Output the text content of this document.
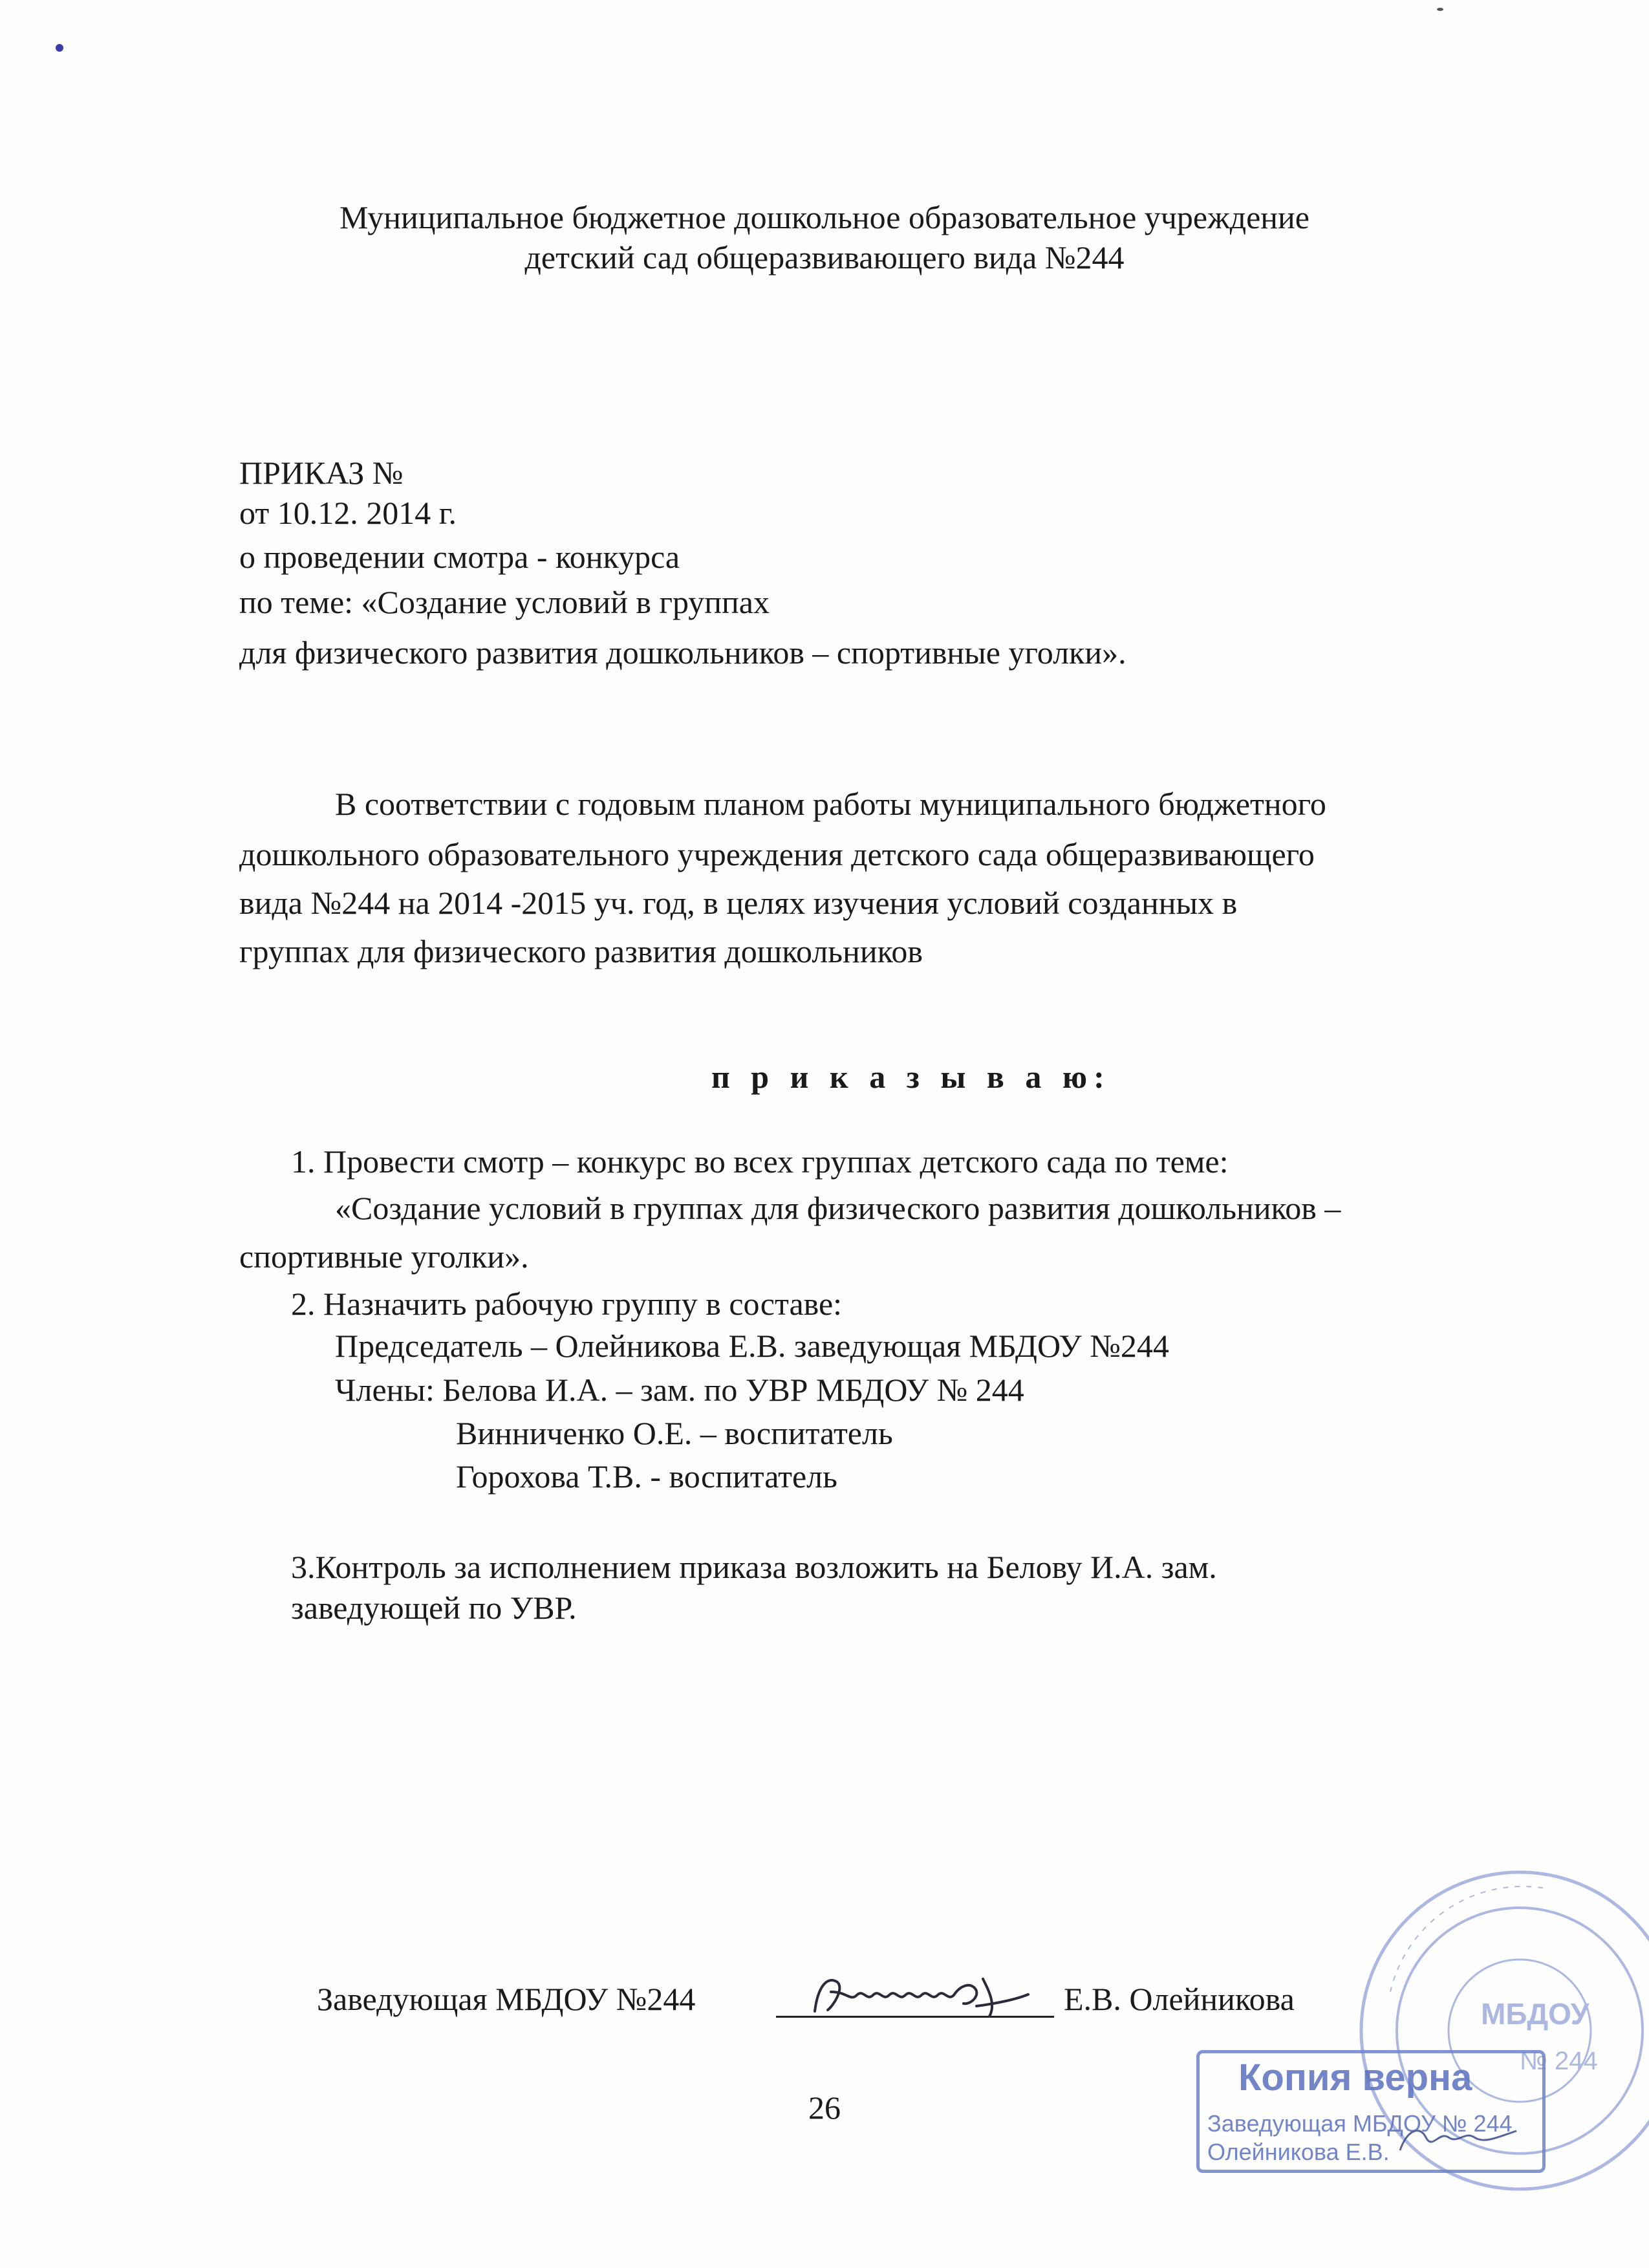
Муниципальное бюджетное дошкольное образовательное учреждение
детский сад общеразвивающего вида №244
ПРИКАЗ №
от 10.12. 2014 г.
о проведении смотра - конкурса
по теме: «Создание условий в группах
для физического развития дошкольников – спортивные уголки».
В соответствии с годовым планом работы муниципального бюджетного
дошкольного образовательного учреждения детского сада общеразвивающего
вида №244 на 2014 -2015 уч. год, в целях изучения условий созданных в
группах для физического развития дошкольников
п р и к а з ы в а ю:
1. Провести смотр – конкурс во всех группах детского сада по теме:
«Создание условий в группах для физического развития дошкольников –
спортивные уголки».
2. Назначить рабочую группу в составе:
Председатель – Олейникова Е.В. заведующая МБДОУ №244
Члены: Белова И.А. – зам. по УВР МБДОУ № 244
Винниченко О.Е. – воспитатель
Горохова Т.В. - воспитатель
3.Контроль за исполнением приказа возложить на Белову И.А. зам.
заведующей по УВР.
Заведующая МБДОУ №244	Е.В. Олейникова
26
МБДОУ
№ 244
Копия верна
Заведующая МБДОУ № 244
Олейникова Е.В.
